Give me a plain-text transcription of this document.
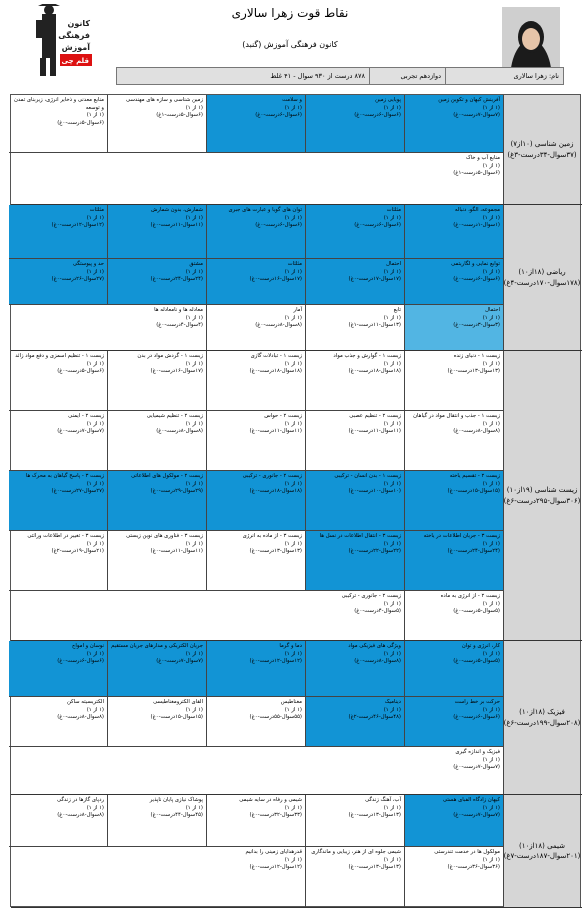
کانون
فرهنگی
آموزش
قلم چی
نقاط قوت زهرا سالاری
کانون فرهنگی آموزش (گنبد)
نام: زهرا سالاری
دوازدهم تجربی
۸۷۸ درست از ۹۳۰ سوال - ۴۱ غلط
زمین شناسی (۱۰از۷)
(۳۷سوال-۳۴درست-۳غ)
ریاضی (۱۸از۱۰)
(۱۷۸سوال-۱۷۰درست-۴غ)
زیست شناسی (۱۹از۱۰)
(۳۰۶سوال-۲۹۵درست-۶غ)
فیزیک (۱۸از۱۰)
(۲۰۸سوال-۱۹۹درست-۶غ)
شیمی (۱۸از۱۰)
(۲۰۱سوال-۱۸۷درست-۷غ)
آفرینش کیهان و تکوین زمین
(۱ از ۱)
(۷سوال-۷درست-۰غ)
پویایی زمین
(۱ از ۱)
(۶سوال-۶درست-۰غ)
و سلامت
(۱ از ۱)
(۶سوال-۶درست-۰غ)
زمین شناسی و سازه های مهندسی
(۱ از ۱)
(۶سوال-۵درست-۱غ)
منابع معدنی و ذخایر انرژی، زیربنای تمدن و توسعه
(۱ از ۱)
(۶سوال-۵درست-۰غ)
منابع آب و خاک
(۱ از ۱)
(۶سوال-۵درست-۱غ)
مجموعه، الگو، دنباله
(۱ از ۱)
(۱سوال-۱درست-۰غ)
مثلثات
(۱ از ۱)
(۶سوال-۶درست-۰غ)
توان های گویا و عبارت های جبری
(۱ از ۱)
(۶سوال-۶درست-۰غ)
شمارش، بدون شمارش
(۱ از ۱)
(۱۱سوال-۱۱درست-۰غ)
مثلثات
(۱ از ۱)
(۱۲سوال-۱۲درست-۰غ)
توابع نمایی و لگاریتمی
(۱ از ۱)
(۶سوال-۶درست-۰غ)
احتمال
(۱ از ۱)
(۱۷سوال-۱۷درست-۰غ)
مثلثات
(۱ از ۱)
(۱۷سوال-۱۶درست-۰غ)
مشتق
(۱ از ۱)
(۲۴سوال-۲۴درست-۰غ)
حد و پیوستگی
(۱ از ۱)
(۲۷سوال-۲۶درست-۰غ)
احتمال
(۱ از ۱)
(۳سوال-۳درست-۰غ)
تابع
(۱ از ۱)
(۱۳سوال-۱۱درست-۱غ)
آمار
(۱ از ۱)
(۸سوال-۸درست-۰غ)
معادله ها و نامعادله ها
(۱ از ۱)
(۴سوال-۴درست-۰غ)
زیست ۱ - دنیای زنده
(۱ از ۱)
(۱۳سوال-۱۳درست-۰غ)
زیست ۱ - گوارش و جذب مواد
(۱ از ۱)
(۱۸سوال-۱۸درست-۰غ)
زیست ۱ - تبادلات گازی
(۱ از ۱)
(۱۸سوال-۱۸درست-۰غ)
زیست ۱ - گردش مواد در بدن
(۱ از ۱)
(۱۷سوال-۱۶درست-۰غ)
زیست ۱ - تنظیم اسمزی و دفع مواد زائد
(۱ از ۱)
(۶سوال-۵درست-۰غ)
زیست ۱ - جذب و انتقال مواد در گیاهان
(۱ از ۱)
(۸سوال-۸درست-۰غ)
زیست ۲ - تنظیم عصبی
(۱ از ۱)
(۱۱سوال-۱۱درست-۰غ)
زیست ۲ - حواس
(۱ از ۱)
(۱۱سوال-۱۱درست-۰غ)
زیست ۲ - تنظیم شیمیایی
(۱ از ۱)
(۸سوال-۸درست-۰غ)
زیست ۲ - ایمنی
(۱ از ۱)
(۷سوال-۷درست-۰غ)
زیست ۲ - تقسیم یاخته
(۱ از ۱)
(۱۵سوال-۱۵درست-۰غ)
زیست ۱ - بدن انسان - ترکیبی
(۱ از ۱)
(۱۰سوال-۱۰درست-۰غ)
زیست ۲ - جانوری - ترکیبی
(۱ از ۱)
(۱۸سوال-۱۸درست-۰غ)
زیست ۲ - مولکول های اطلاعاتی
(۱ از ۱)
(۲۹سوال-۲۹درست-۰غ)
زیست ۳ - پاسخ گیاهان به محرک ها
(۱ از ۱)
(۲۷سوال-۲۷درست-۰غ)
زیست ۳ - جریان اطلاعات در یاخته
(۱ از ۱)
(۲۴سوال-۲۴درست-۰غ)
زیست ۳ - انتقال اطلاعات در نسل ها
(۱ از ۱)
(۲۲سوال-۲۲درست-۰غ)
زیست ۳ - از ماده به انرژی
(۱ از ۱)
(۱۳سوال-۱۳درست-۰غ)
زیست ۳ - فناوری های نوین زیستی
(۱ از ۱)
(۱۱سوال-۱۱درست-۰غ)
زیست ۳ - تغییر در اطلاعات وراثتی
(۱ از ۱)
(۲۱سوال-۱۹درست-۲غ)
زیست ۲ - از انرژی به ماده
(۱ از ۱)
(۵سوال-۵درست-۰غ)
زیست ۲ - جانوری - ترکیبی
(۱ از ۱)
(۵سوال-۴درست-۰غ)
کار، انرژی و توان
(۱ از ۱)
(۵سوال-۵درست-۰غ)
ویژگی های فیزیکی مواد
(۱ از ۱)
(۸سوال-۸درست-۰غ)
دما و گرما
(۱ از ۱)
(۱۲سوال-۱۲درست-۰غ)
جریان الکتریکی و مدارهای جریان مستقیم
(۱ از ۱)
(۷سوال-۷درست-۰غ)
نوسان و امواج
(۱ از ۱)
(۶سوال-۶درست-۰غ)
حرکت بر خط راست
(۱ از ۱)
(۶سوال-۶درست-۰غ)
دینامیک
(۱ از ۱)
(۴۸سوال-۴۶درست-۲غ)
مغناطیس
(۱ از ۱)
(۵۵سوال-۵۵درست-۰غ)
القای الکترومغناطیسی
(۱ از ۱)
(۱۵سوال-۱۵درست-۰غ)
الکتریسیته ساکن
(۱ از ۱)
(۸سوال-۸درست-۰غ)
فیزیک و اندازه گیری
(۱ از ۱)
(۷سوال-۷درست-۰غ)
کیهان زادگاه الفبای هستی
(۱ از ۱)
(۷سوال-۷درست-۰غ)
آب، آهنگ زندگی
(۱ از ۱)
(۱۳سوال-۱۳درست-۰غ)
شیمی و رفاه در سایه شیمی
(۱ از ۱)
(۳۳سوال-۳۲درست-۰غ)
پوشاک نیازی پایان ناپذیر
(۱ از ۱)
(۴۵سوال-۴۴درست-۰غ)
ردپای گازها در زندگی
(۱ از ۱)
(۸سوال-۸درست-۰غ)
مولکول ها در خدمت تندرستی
(۱ از ۱)
(۳۶سوال-۳۶درست-۰غ)
شیمی جلوه ای از هنر، زیبایی و ماندگاری
(۱ از ۱)
(۱۳سوال-۱۳درست-۰غ)
قدرهدایای زمینی را بدانیم
(۱ از ۱)
(۱۲سوال-۱۲درست-۰غ)
